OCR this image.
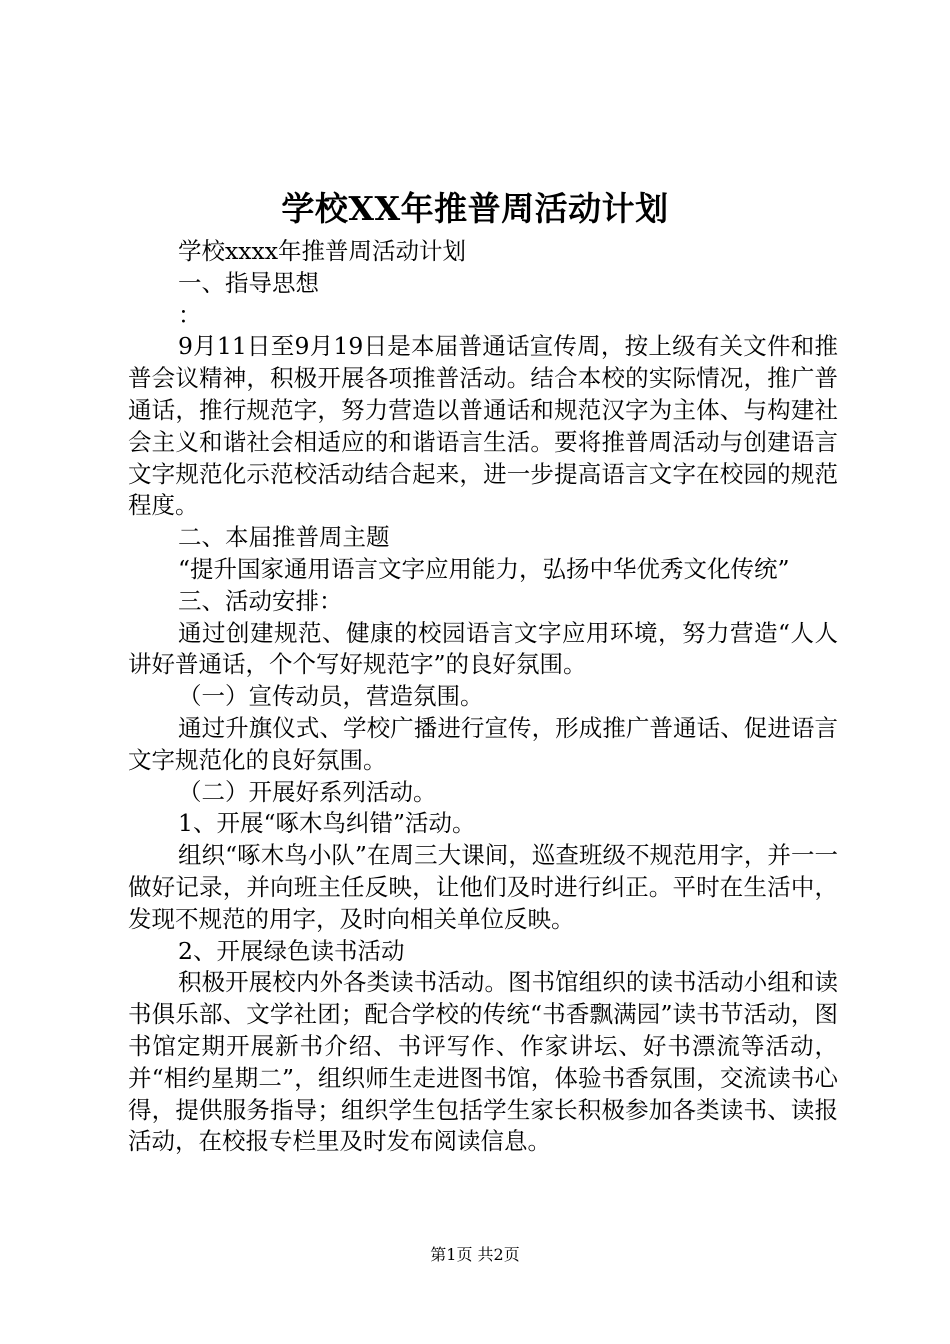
学校XX年推普周活动计划

学校xxxx年推普周活动计划

一、指导思想

：

9月11日至9月19日是本届普通话宣传周，按上级有关文件和推普会议精神，积极开展各项推普活动。结合本校的实际情况，推广普通话，推行规范字，努力营造以普通话和规范汉字为主体、与构建社会主义和谐社会相适应的和谐语言生活。要将推普周活动与创建语言文字规范化示范校活动结合起来，进一步提高语言文字在校园的规范程度。

二、本届推普周主题

“提升国家通用语言文字应用能力，弘扬中华优秀文化传统”

三、活动安排：

通过创建规范、健康的校园语言文字应用环境，努力营造“人人讲好普通话，个个写好规范字”的良好氛围。

（一）宣传动员，营造氛围。

通过升旗仪式、学校广播进行宣传，形成推广普通话、促进语言文字规范化的良好氛围。

（二）开展好系列活动。

1、开展“啄木鸟纠错”活动。

组织“啄木鸟小队”在周三大课间，巡查班级不规范用字，并一一做好记录，并向班主任反映，让他们及时进行纠正。平时在生活中，发现不规范的用字，及时向相关单位反映。

2、开展绿色读书活动

积极开展校内外各类读书活动。图书馆组织的读书活动小组和读书俱乐部、文学社团；配合学校的传统“书香飘满园”读书节活动，图书馆定期开展新书介绍、书评写作、作家讲坛、好书漂流等活动，并“相约星期二”，组织师生走进图书馆，体验书香氛围，交流读书心得，提供服务指导；组织学生包括学生家长积极参加各类读书、读报活动，在校报专栏里及时发布阅读信息。

第1页 共2页
